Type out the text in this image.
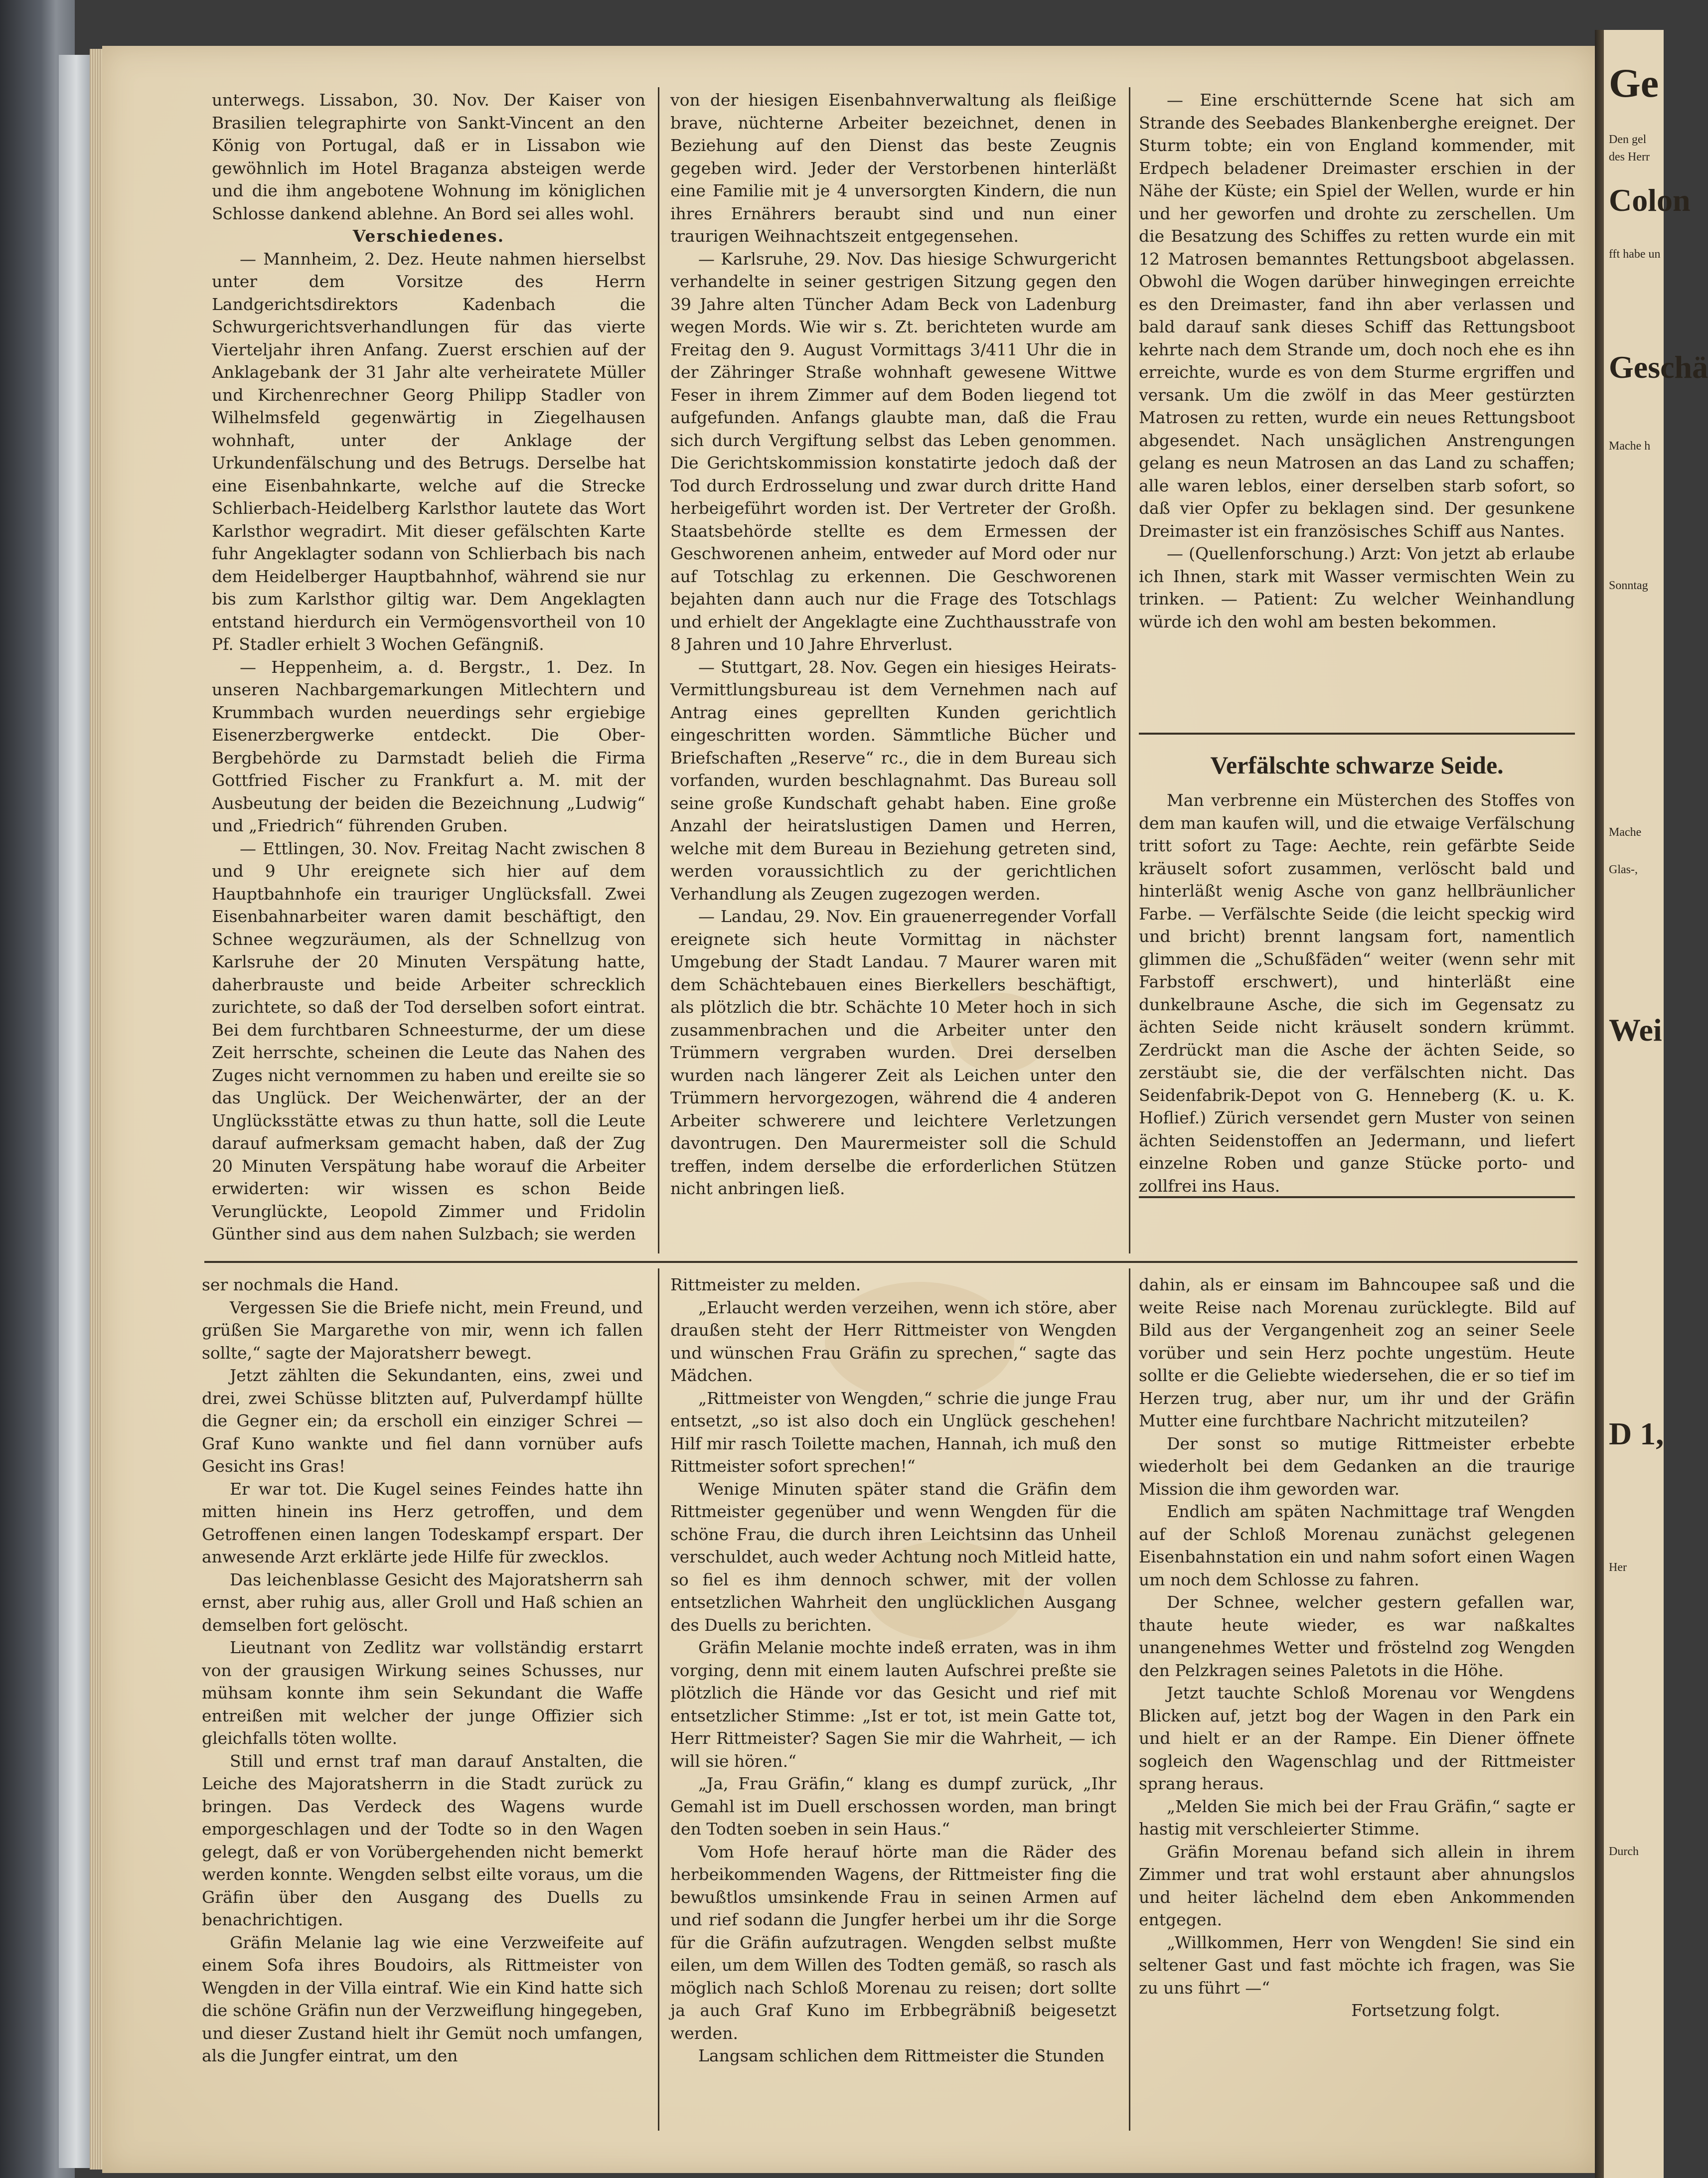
unterwegs. Lissabon, 30. Nov. Der Kaiser von Brasilien telegraphirte von Sankt-Vincent an den König von Portugal, daß er in Lissabon wie gewöhnlich im Hotel Braganza absteigen werde und die ihm angebotene Wohnung im königlichen Schlosse dankend ablehne. An Bord sei alles wohl.

Verschiedenes.

— Mannheim, 2. Dez. Heute nahmen hierselbst unter dem Vorsitze des Herrn Landgerichtsdirektors Kadenbach die Schwurgerichtsverhandlungen für das vierte Vierteljahr ihren Anfang. Zuerst erschien auf der Anklagebank der 31 Jahr alte verheiratete Müller und Kirchenrechner Georg Philipp Stadler von Wilhelmsfeld gegenwärtig in Ziegelhausen wohnhaft, unter der Anklage der Urkundenfälschung und des Betrugs. Derselbe hat eine Eisenbahnkarte, welche auf die Strecke Schlierbach-Heidelberg Karlsthor lautete das Wort Karlsthor wegradirt. Mit dieser gefälschten Karte fuhr Angeklagter sodann von Schlierbach bis nach dem Heidelberger Hauptbahnhof, während sie nur bis zum Karlsthor giltig war. Dem Angeklagten entstand hierdurch ein Vermögensvortheil von 10 Pf. Stadler erhielt 3 Wochen Gefängniß.

— Heppenheim, a. d. Bergstr., 1. Dez. In unseren Nachbargemarkungen Mitlechtern und Krummbach wurden neuerdings sehr ergiebige Eisenerzbergwerke entdeckt. Die Ober-Bergbehörde zu Darmstadt belieh die Firma Gottfried Fischer zu Frankfurt a. M. mit der Ausbeutung der beiden die Bezeichnung „Ludwig“ und „Friedrich“ führenden Gruben.

— Ettlingen, 30. Nov. Freitag Nacht zwischen 8 und 9 Uhr ereignete sich hier auf dem Hauptbahnhofe ein trauriger Unglücksfall. Zwei Eisenbahnarbeiter waren damit beschäftigt, den Schnee wegzuräumen, als der Schnellzug von Karlsruhe der 20 Minuten Verspätung hatte, daherbrauste und beide Arbeiter schrecklich zurichtete, so daß der Tod derselben sofort eintrat. Bei dem furchtbaren Schneesturme, der um diese Zeit herrschte, scheinen die Leute das Nahen des Zuges nicht vernommen zu haben und ereilte sie so das Unglück. Der Weichenwärter, der an der Unglücksstätte etwas zu thun hatte, soll die Leute darauf aufmerksam gemacht haben, daß der Zug 20 Minuten Verspätung habe worauf die Arbeiter erwiderten: wir wissen es schon Beide Verunglückte, Leopold Zimmer und Fridolin Günther sind aus dem nahen Sulzbach; sie werden

von der hiesigen Eisenbahnverwaltung als fleißige brave, nüchterne Arbeiter bezeichnet, denen in Beziehung auf den Dienst das beste Zeugnis gegeben wird. Jeder der Verstorbenen hinterläßt eine Familie mit je 4 unversorgten Kindern, die nun ihres Ernährers beraubt sind und nun einer traurigen Weihnachtszeit entgegensehen.

— Karlsruhe, 29. Nov. Das hiesige Schwurgericht verhandelte in seiner gestrigen Sitzung gegen den 39 Jahre alten Tüncher Adam Beck von Ladenburg wegen Mords. Wie wir s. Zt. berichteten wurde am Freitag den 9. August Vormittags 3/411 Uhr die in der Zähringer Straße wohnhaft gewesene Wittwe Feser in ihrem Zimmer auf dem Boden liegend tot aufgefunden. Anfangs glaubte man, daß die Frau sich durch Vergiftung selbst das Leben genommen. Die Gerichtskommission konstatirte jedoch daß der Tod durch Erdrosselung und zwar durch dritte Hand herbeigeführt worden ist. Der Vertreter der Großh. Staatsbehörde stellte es dem Ermessen der Geschworenen anheim, entweder auf Mord oder nur auf Totschlag zu erkennen. Die Geschworenen bejahten dann auch nur die Frage des Totschlags und erhielt der Angeklagte eine Zuchthausstrafe von 8 Jahren und 10 Jahre Ehrverlust.

— Stuttgart, 28. Nov. Gegen ein hiesiges Heirats-Vermittlungsbureau ist dem Vernehmen nach auf Antrag eines geprellten Kunden gerichtlich eingeschritten worden. Sämmtliche Bücher und Briefschaften „Reserve“ rc., die in dem Bureau sich vorfanden, wurden beschlagnahmt. Das Bureau soll seine große Kundschaft gehabt haben. Eine große Anzahl der heiratslustigen Damen und Herren, welche mit dem Bureau in Beziehung getreten sind, werden voraussichtlich zu der gerichtlichen Verhandlung als Zeugen zugezogen werden.

— Landau, 29. Nov. Ein grauenerregender Vorfall ereignete sich heute Vormittag in nächster Umgebung der Stadt Landau. 7 Maurer waren mit dem Schächtebauen eines Bierkellers beschäftigt, als plötzlich die btr. Schächte 10 Meter hoch in sich zusammenbrachen und die Arbeiter unter den Trümmern vergraben wurden. Drei derselben wurden nach längerer Zeit als Leichen unter den Trümmern hervorgezogen, während die 4 anderen Arbeiter schwerere und leichtere Verletzungen davontrugen. Den Maurermeister soll die Schuld treffen, indem derselbe die erforderlichen Stützen nicht anbringen ließ.

— Eine erschütternde Scene hat sich am Strande des Seebades Blankenberghe ereignet. Der Sturm tobte; ein von England kommender, mit Erdpech beladener Dreimaster erschien in der Nähe der Küste; ein Spiel der Wellen, wurde er hin und her geworfen und drohte zu zerschellen. Um die Besatzung des Schiffes zu retten wurde ein mit 12 Matrosen bemanntes Rettungsboot abgelassen. Obwohl die Wogen darüber hinwegingen erreichte es den Dreimaster, fand ihn aber verlassen und bald darauf sank dieses Schiff das Rettungsboot kehrte nach dem Strande um, doch noch ehe es ihn erreichte, wurde es von dem Sturme ergriffen und versank. Um die zwölf in das Meer gestürzten Matrosen zu retten, wurde ein neues Rettungsboot abgesendet. Nach unsäglichen Anstrengungen gelang es neun Matrosen an das Land zu schaffen; alle waren leblos, einer derselben starb sofort, so daß vier Opfer zu beklagen sind. Der gesunkene Dreimaster ist ein französisches Schiff aus Nantes.

— (Quellenforschung.) Arzt: Von jetzt ab erlaube ich Ihnen, stark mit Wasser vermischten Wein zu trinken. — Patient: Zu welcher Weinhandlung würde ich den wohl am besten bekommen.

Verfälschte schwarze Seide.

Man verbrenne ein Müsterchen des Stoffes von dem man kaufen will, und die etwaige Verfälschung tritt sofort zu Tage: Aechte, rein gefärbte Seide kräuselt sofort zusammen, verlöscht bald und hinterläßt wenig Asche von ganz hellbräunlicher Farbe. — Verfälschte Seide (die leicht speckig wird und bricht) brennt langsam fort, namentlich glimmen die „Schußfäden“ weiter (wenn sehr mit Farbstoff erschwert), und hinterläßt eine dunkelbraune Asche, die sich im Gegensatz zu ächten Seide nicht kräuselt sondern krümmt. Zerdrückt man die Asche der ächten Seide, so zerstäubt sie, die der verfälschten nicht. Das Seidenfabrik-Depot von G. Henneberg (K. u. K. Hoflief.) Zürich versendet gern Muster von seinen ächten Seidenstoffen an Jedermann, und liefert einzelne Roben und ganze Stücke porto- und zollfrei ins Haus.

ser nochmals die Hand.

Vergessen Sie die Briefe nicht, mein Freund, und grüßen Sie Margarethe von mir, wenn ich fallen sollte,“ sagte der Majoratsherr bewegt.

Jetzt zählten die Sekundanten, eins, zwei und drei, zwei Schüsse blitzten auf, Pulverdampf hüllte die Gegner ein; da erscholl ein einziger Schrei — Graf Kuno wankte und fiel dann vornüber aufs Gesicht ins Gras!

Er war tot. Die Kugel seines Feindes hatte ihn mitten hinein ins Herz getroffen, und dem Getroffenen einen langen Todeskampf erspart. Der anwesende Arzt erklärte jede Hilfe für zwecklos.

Das leichenblasse Gesicht des Majoratsherrn sah ernst, aber ruhig aus, aller Groll und Haß schien an demselben fort gelöscht.

Lieutnant von Zedlitz war vollständig erstarrt von der grausigen Wirkung seines Schusses, nur mühsam konnte ihm sein Sekundant die Waffe entreißen mit welcher der junge Offizier sich gleichfalls töten wollte.

Still und ernst traf man darauf Anstalten, die Leiche des Majoratsherrn in die Stadt zurück zu bringen. Das Verdeck des Wagens wurde emporgeschlagen und der Todte so in den Wagen gelegt, daß er von Vorübergehenden nicht bemerkt werden konnte. Wengden selbst eilte voraus, um die Gräfin über den Ausgang des Duells zu benachrichtigen.

Gräfin Melanie lag wie eine Verzweifeite auf einem Sofa ihres Boudoirs, als Rittmeister von Wengden in der Villa eintraf. Wie ein Kind hatte sich die schöne Gräfin nun der Verzweiflung hingegeben, und dieser Zustand hielt ihr Gemüt noch umfangen, als die Jungfer eintrat, um den

Rittmeister zu melden.

„Erlaucht werden verzeihen, wenn ich störe, aber draußen steht der Herr Rittmeister von Wengden und wünschen Frau Gräfin zu sprechen,“ sagte das Mädchen.

„Rittmeister von Wengden,“ schrie die junge Frau entsetzt, „so ist also doch ein Unglück geschehen! Hilf mir rasch Toilette machen, Hannah, ich muß den Rittmeister sofort sprechen!“

Wenige Minuten später stand die Gräfin dem Rittmeister gegenüber und wenn Wengden für die schöne Frau, die durch ihren Leichtsinn das Unheil verschuldet, auch weder Achtung noch Mitleid hatte, so fiel es ihm dennoch schwer, mit der vollen entsetzlichen Wahrheit den unglücklichen Ausgang des Duells zu berichten.

Gräfin Melanie mochte indeß erraten, was in ihm vorging, denn mit einem lauten Aufschrei preßte sie plötzlich die Hände vor das Gesicht und rief mit entsetzlicher Stimme: „Ist er tot, ist mein Gatte tot, Herr Rittmeister? Sagen Sie mir die Wahrheit, — ich will sie hören.“

„Ja, Frau Gräfin,“ klang es dumpf zurück, „Ihr Gemahl ist im Duell erschossen worden, man bringt den Todten soeben in sein Haus.“

Vom Hofe herauf hörte man die Räder des herbeikommenden Wagens, der Rittmeister fing die bewußtlos umsinkende Frau in seinen Armen auf und rief sodann die Jungfer herbei um ihr die Sorge für die Gräfin aufzutragen. Wengden selbst mußte eilen, um dem Willen des Todten gemäß, so rasch als möglich nach Schloß Morenau zu reisen; dort sollte ja auch Graf Kuno im Erbbegräbniß beigesetzt werden.

Langsam schlichen dem Rittmeister die Stunden

dahin, als er einsam im Bahncoupee saß und die weite Reise nach Morenau zurücklegte. Bild auf Bild aus der Vergangenheit zog an seiner Seele vorüber und sein Herz pochte ungestüm. Heute sollte er die Geliebte wiedersehen, die er so tief im Herzen trug, aber nur, um ihr und der Gräfin Mutter eine furchtbare Nachricht mitzuteilen?

Der sonst so mutige Rittmeister erbebte wiederholt bei dem Gedanken an die traurige Mission die ihm geworden war.

Endlich am späten Nachmittage traf Wengden auf der Schloß Morenau zunächst gelegenen Eisenbahnstation ein und nahm sofort einen Wagen um noch dem Schlosse zu fahren.

Der Schnee, welcher gestern gefallen war, thaute heute wieder, es war naßkaltes unangenehmes Wetter und fröstelnd zog Wengden den Pelzkragen seines Paletots in die Höhe.

Jetzt tauchte Schloß Morenau vor Wengdens Blicken auf, jetzt bog der Wagen in den Park ein und hielt er an der Rampe. Ein Diener öffnete sogleich den Wagenschlag und der Rittmeister sprang heraus.

„Melden Sie mich bei der Frau Gräfin,“ sagte er hastig mit verschleierter Stimme.

Gräfin Morenau befand sich allein in ihrem Zimmer und trat wohl erstaunt aber ahnungslos und heiter lächelnd dem eben Ankommenden entgegen.

„Willkommen, Herr von Wengden! Sie sind ein seltener Gast und fast möchte ich fragen, was Sie zu uns führt —“

Fortsetzung folgt.

Ge
Den gel
des Herr
Colon
fft habe un
Geschä
Mache h
Sonntag
Mache
Glas-,
Wei
D 1,
Her
Durch
